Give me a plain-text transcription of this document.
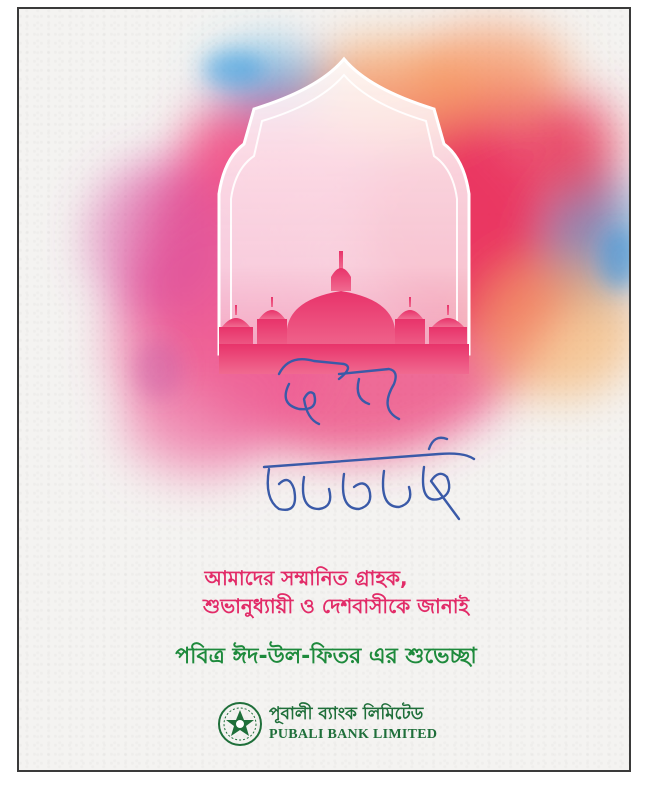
আমাদের সম্মানিত গ্রাহক,
শুভানুধ্যায়ী ও দেশবাসীকে জানাই
পবিত্র ঈদ-উল-ফিতর এর শুভেচ্ছা
পূবালী ব্যাংক লিমিটেড
PUBALI BANK LIMITED
